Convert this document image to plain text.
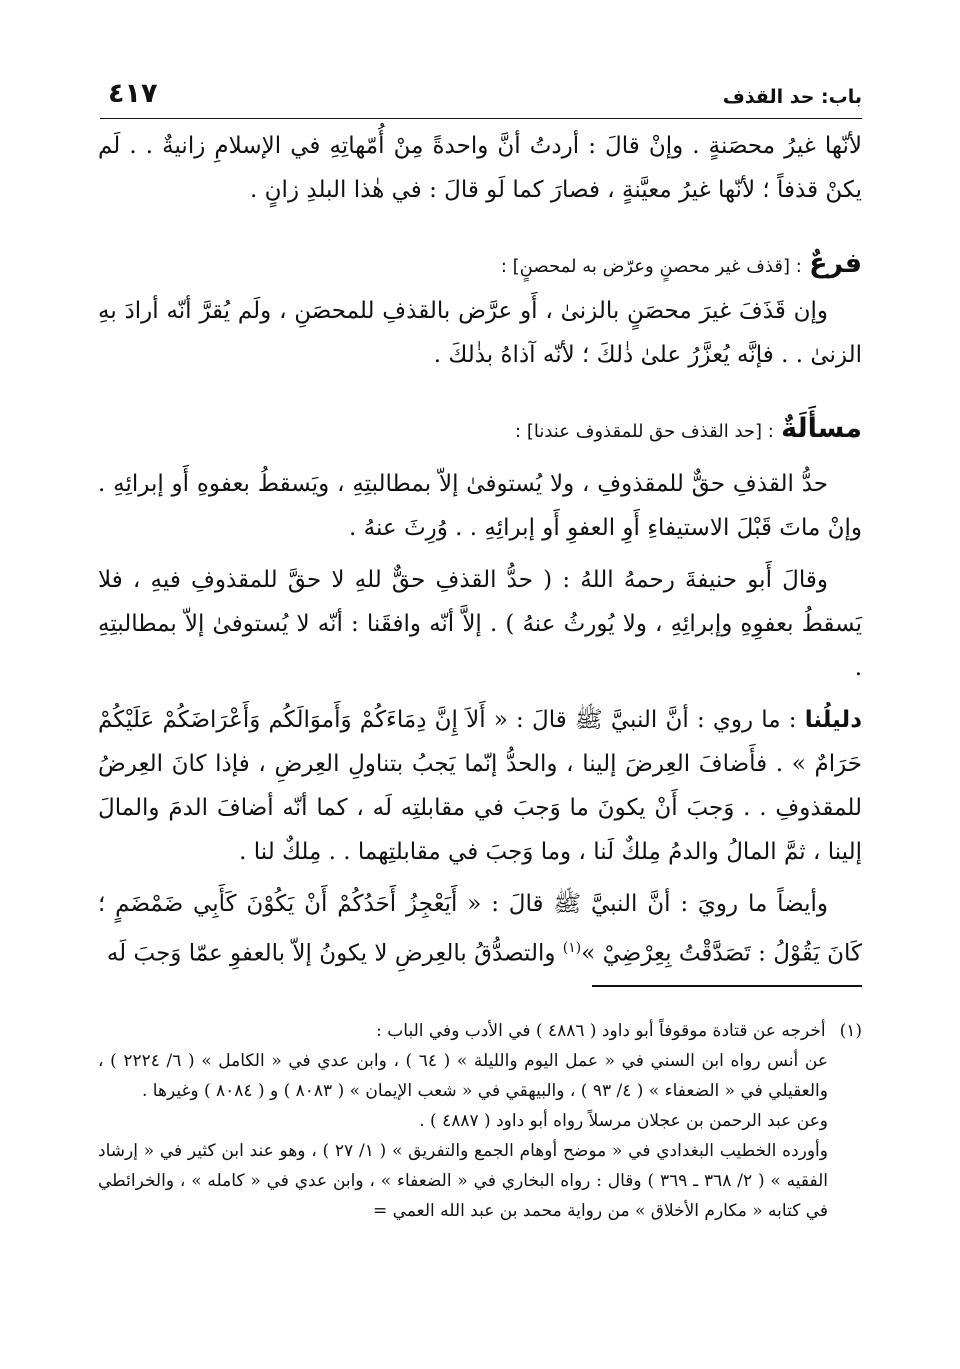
باب: حد القذف
٤١٧

لأنّها غيرُ محصَنةٍ . وإنْ قالَ : أردتُ أنَّ واحدةً مِنْ أُمّهاتِهِ في الإسلامِ زانيةٌ . . لَم يكنْ قذفاً ؛ لأنّها غيرُ معيَّنةٍ ، فصارَ كما لَو قالَ : في هٰذا البلدِ زانٍ .

فرعٌ : [قذف غير محصنٍ وعرّض به لمحصنٍ] :

وإن قَذَفَ غيرَ محصَنٍ بالزنىٰ ، أَو عرَّض بالقذفِ للمحصَنِ ، ولَم يُقرَّ أنّه أرادَ بهِ الزنىٰ . . فإنَّه يُعزَّرُ علىٰ ذٰلكَ ؛ لأنّه آذاهُ بذٰلكَ .

مسأَلَةٌ : [حد القذف حق للمقذوف عندنا] :

حدُّ القذفِ حقٌّ للمقذوفِ ، ولا يُستوفىٰ إلاّ بمطالبتِهِ ، ويَسقطُ بعفوهِ أَو إبرائِهِ . وإنْ ماتَ قَبْلَ الاستيفاءِ أَوِ العفوِ أَو إبرائِهِ . . وُرِثَ عنهُ .

وقالَ أَبو حنيفةَ رحمهُ اللهُ : ( حدُّ القذفِ حقٌّ للهِ لا حقَّ للمقذوفِ فيهِ ، فلا يَسقطُ بعفوِهِ وإبرائِهِ ، ولا يُورثُ عنهُ ) . إلاَّ أنّه وافقَنا : أنّه لا يُستوفىٰ إلاّ بمطالبتِهِ .

دليلُنا : ما روي : أنَّ النبيَّ ﷺ قالَ : « أَلاَ إِنَّ دِمَاءَكُمْ وَأَموَالَكُم وَأَعْرَاضَكُمْ عَلَيْكُمْ حَرَامٌ » . فأَضافَ العِرضَ إلينا ، والحدُّ إنّما يَجبُ بتناولِ العِرضِ ، فإذا كانَ العِرضُ للمقذوفِ . . وَجبَ أَنْ يكونَ ما وَجبَ في مقابلتِه لَه ، كما أنّه أضافَ الدمَ والمالَ إلينا ، ثمَّ المالُ والدمُ مِلكٌ لَنا ، وما وَجبَ في مقابلتِهما . . مِلكٌ لنا .

وأيضاً ما رويَ : أنَّ النبيَّ ﷺ قالَ : « أَيَعْجِزُ أَحَدُكُمْ أَنْ يَكُوْنَ كَأَبِي ضَمْضَمٍ ؛ كَانَ يَقُوْلُ : تَصَدَّقْتُ بِعِرْضِيْ »$^{(١)}$ والتصدُّقُ بالعِرضِ لا يكونُ إلاّ بالعفوِ عمّا وَجبَ لَه

(١)أخرجه عن قتادة موقوفاً أبو داود ( ٤٨٨٦ ) في الأدب وفي الباب :

عن أنس رواه ابن السني في « عمل اليوم والليلة » ( ٦٤ ) ، وابن عدي في « الكامل » ( ٦/ ٢٢٢٤ ) ، والعقيلي في « الضعفاء » ( ٤/ ٩٣ ) ، والبيهقي في « شعب الإيمان » ( ٨٠٨٣ ) و ( ٨٠٨٤ ) وغيرها .

وعن عبد الرحمن بن عجلان مرسلاً رواه أبو داود ( ٤٨٨٧ ) .

وأورده الخطيب البغدادي في « موضح أوهام الجمع والتفريق » ( ١/ ٢٧ ) ، وهو عند ابن كثير في « إرشاد الفقيه » ( ٢/ ٣٦٨ ـ ٣٦٩ ) وقال : رواه البخاري في « الضعفاء » ، وابن عدي في « كامله » ، والخرائطي في كتابه « مكارم الأخلاق » من رواية محمد بن عبد الله العمي =
